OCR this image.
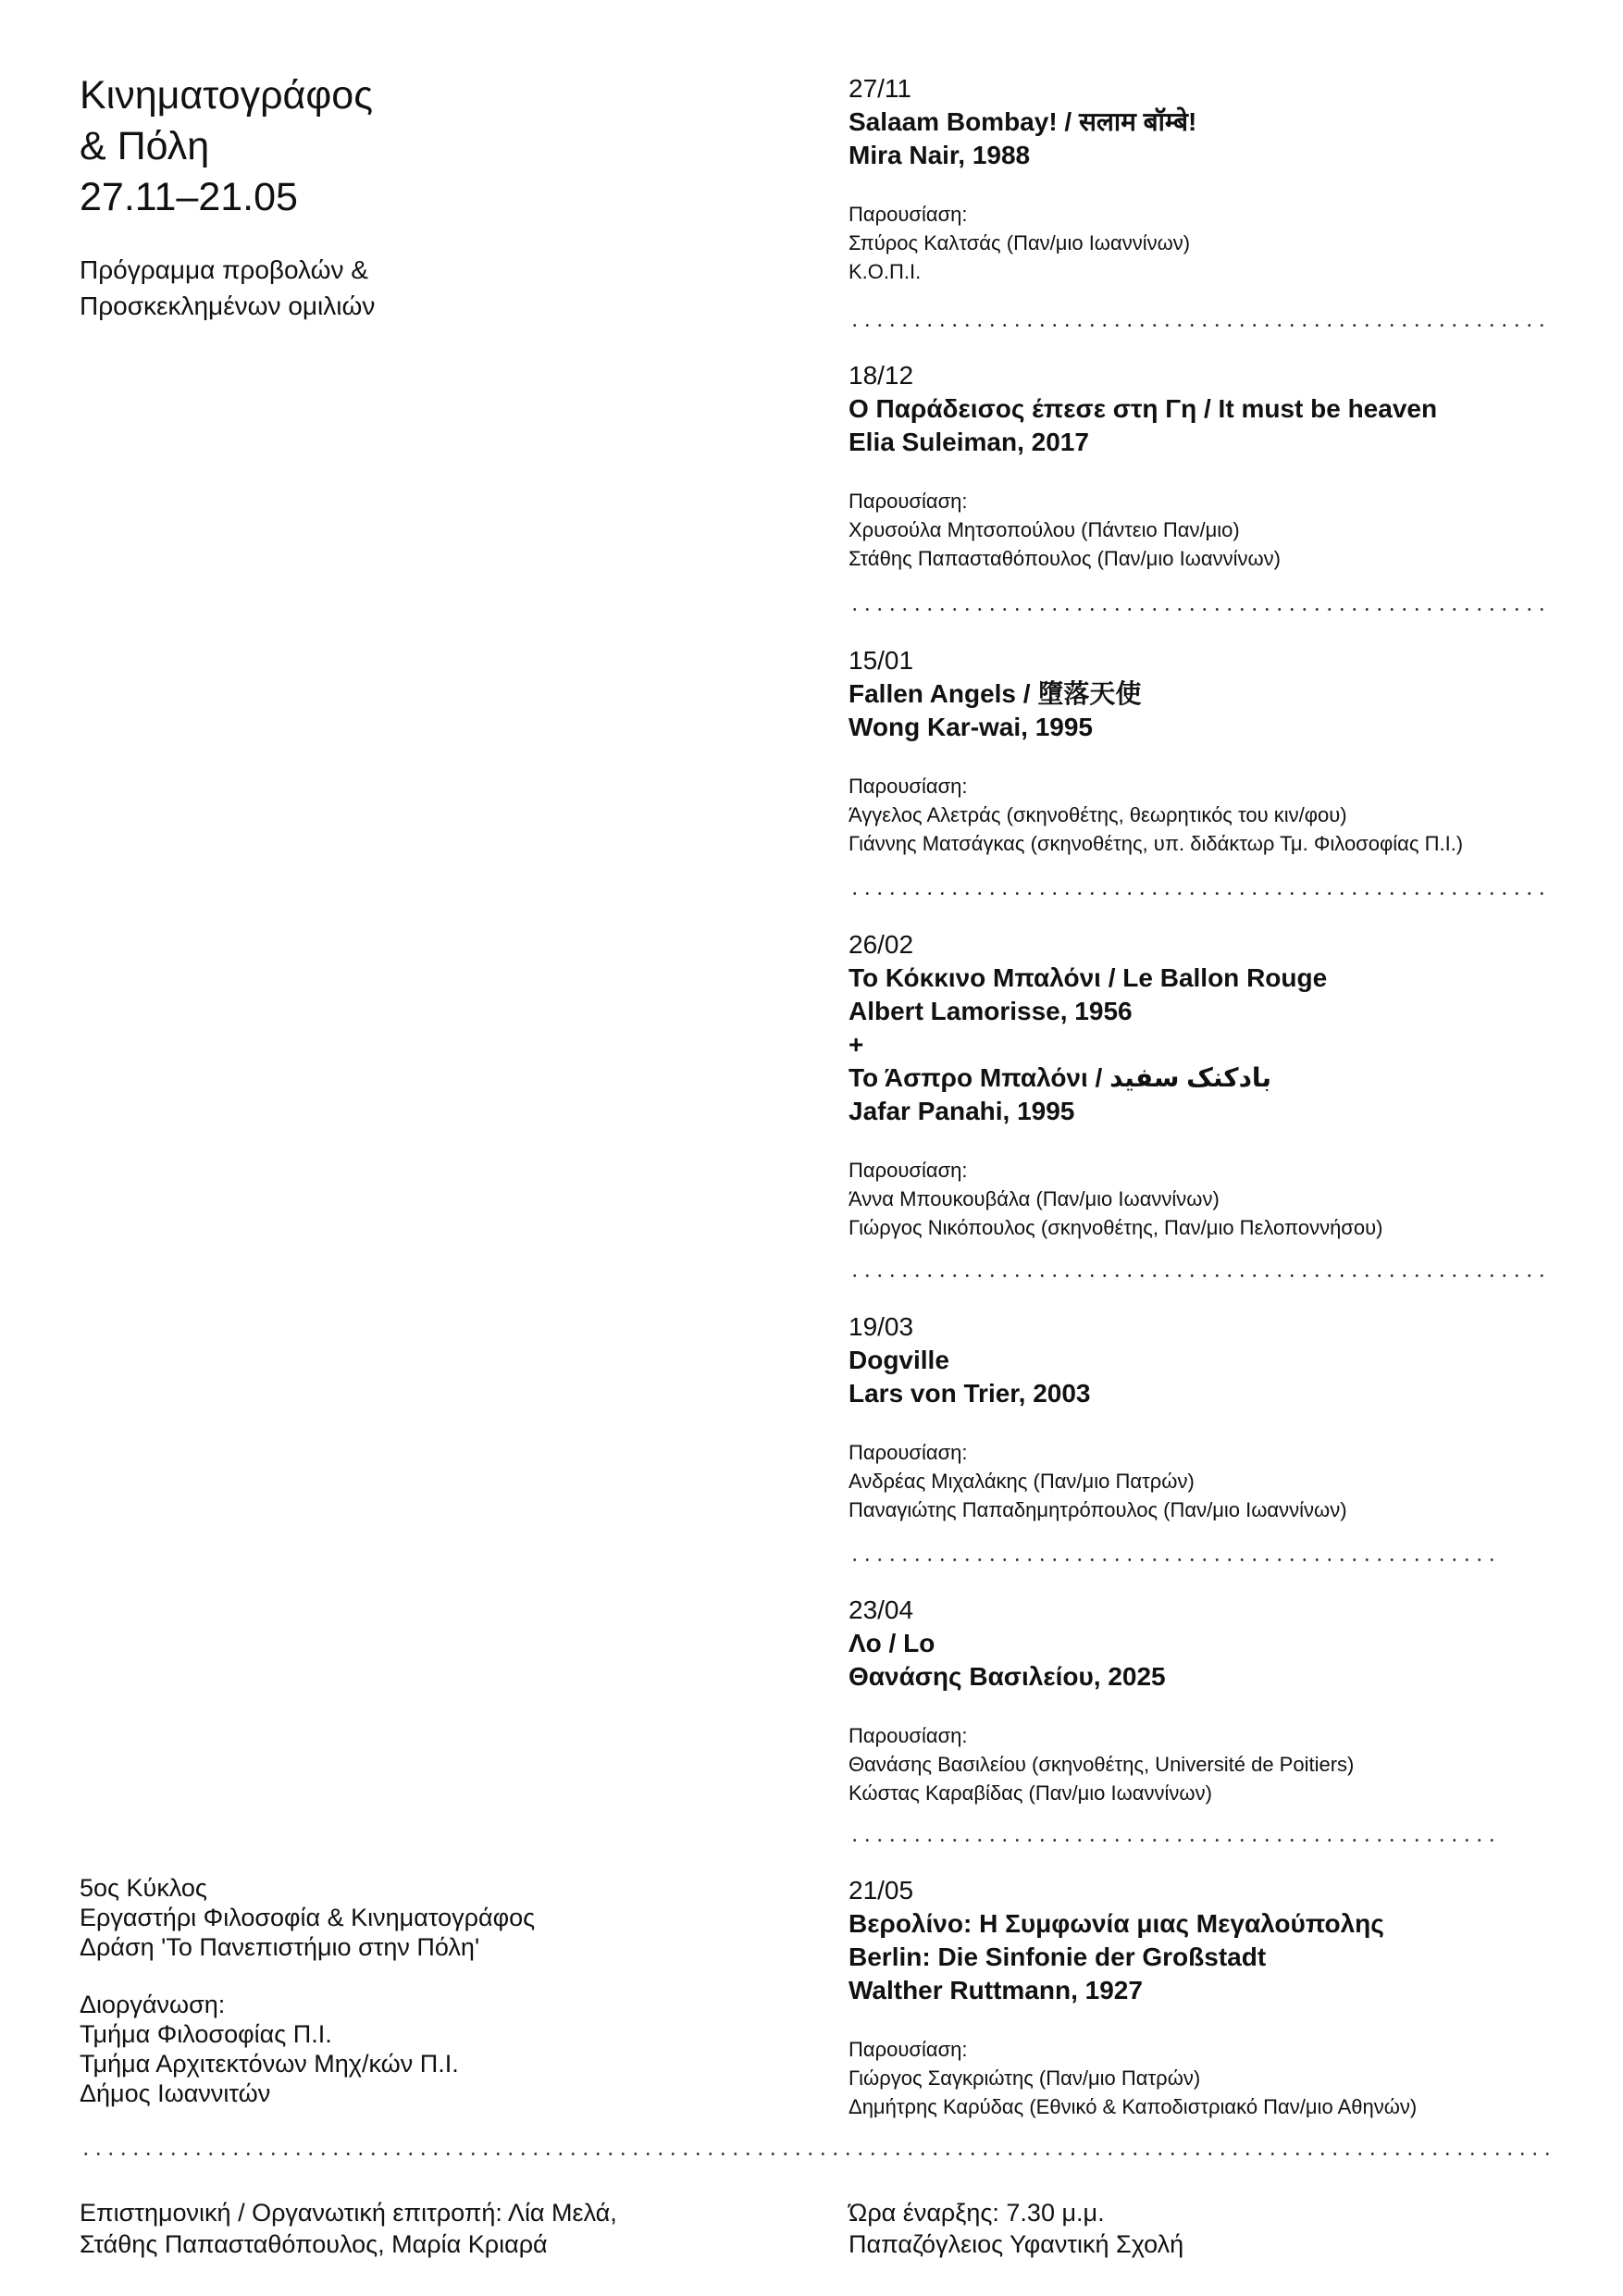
Κινηματογράφος
& Πόλη
27.11–21.05
Πρόγραμμα προβολών &
Προσκεκλημένων ομιλιών
27/11
Salaam Bombay! / सलाम बॉम्बे!
Mira Nair, 1988
Παρουσίαση:
Σπύρος Καλτσάς (Παν/μιο Ιωαννίνων)
Κ.Ο.Π.Ι.
18/12
Ο Παράδεισος έπεσε στη Γη / It must be heaven
Elia Suleiman, 2017
Παρουσίαση:
Χρυσούλα Μητσοπούλου (Πάντειο Παν/μιο)
Στάθης Παπασταθόπουλος (Παν/μιο Ιωαννίνων)
15/01
Fallen Angels / 墮落天使
Wong Kar-wai, 1995
Παρουσίαση:
Άγγελος Αλετράς (σκηνοθέτης, θεωρητικός του κιν/φου)
Γιάννης Ματσάγκας (σκηνοθέτης, υπ. διδάκτωρ Τμ. Φιλοσοφίας Π.Ι.)
26/02
Το Κόκκινο Μπαλόνι / Le Ballon Rouge
Albert Lamorisse, 1956
+
Το Άσπρο Μπαλόνι / بادکنک سفید
Jafar Panahi, 1995
Παρουσίαση:
Άννα Μπουκουβάλα (Παν/μιο Ιωαννίνων)
Γιώργος Νικόπουλος (σκηνοθέτης, Παν/μιο Πελοποννήσου)
19/03
Dogville
Lars von Trier, 2003
Παρουσίαση:
Ανδρέας Μιχαλάκης (Παν/μιο Πατρών)
Παναγιώτης Παπαδημητρόπουλος (Παν/μιο Ιωαννίνων)
23/04
Λο / Lo
Θανάσης Βασιλείου, 2025
Παρουσίαση:
Θανάσης Βασιλείου (σκηνοθέτης, Université de Poitiers)
Κώστας Καραβίδας (Παν/μιο Ιωαννίνων)
21/05
Βερολίνο: Η Συμφωνία μιας Μεγαλούπολης
Berlin: Die Sinfonie der Großstadt
Walther Ruttmann, 1927
Παρουσίαση:
Γιώργος Σαγκριώτης (Παν/μιο Πατρών)
Δημήτρης Καρύδας (Εθνικό & Καποδιστριακό Παν/μιο Αθηνών)
5ος Κύκλος
Εργαστήρι Φιλοσοφία & Κινηματογράφος
Δράση 'Το Πανεπιστήμιο στην Πόλη'
Διοργάνωση:
Τμήμα Φιλοσοφίας Π.Ι.
Τμήμα Αρχιτεκτόνων Μηχ/κών Π.Ι.
Δήμος Ιωαννιτών
Επιστημονική / Οργανωτική επιτροπή: Λία Μελά,
Στάθης Παπασταθόπουλος, Μαρία Κριαρά
Ώρα έναρξης: 7.30 μ.μ.
Παπαζόγλειος Υφαντική Σχολή
